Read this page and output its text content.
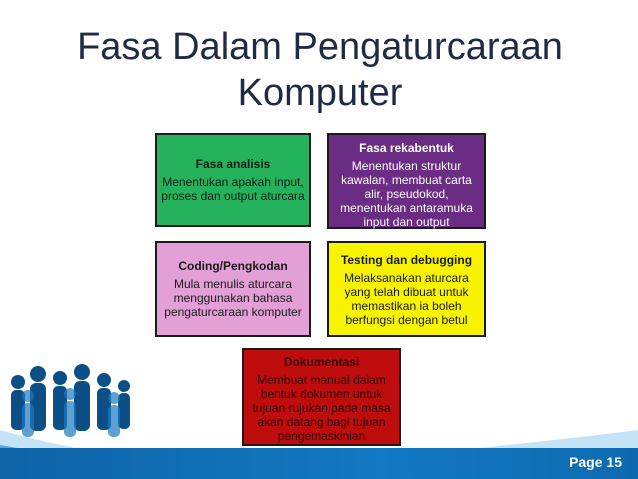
Fasa Dalam Pengaturcaraan
Komputer
Fasa analisis
Menentukan apakah input,
proses dan output aturcara
Fasa rekabentuk
Menentukan struktur
kawalan, membuat carta
alir, pseudokod,
menentukan antaramuka
input dan output
Coding/Pengkodan
Mula menulis aturcara
menggunakan bahasa
pengaturcaraan komputer
Testing dan debugging
Melaksanakan aturcara
yang telah dibuat untuk
memastikan ia boleh
berfungsi dengan betul
Dokumentasi
Membuat manual dalam
bentuk dokumen untuk
tujuan rujukan pada masa
akan datang bagi tujuan
pengemaskinian
Page 15
